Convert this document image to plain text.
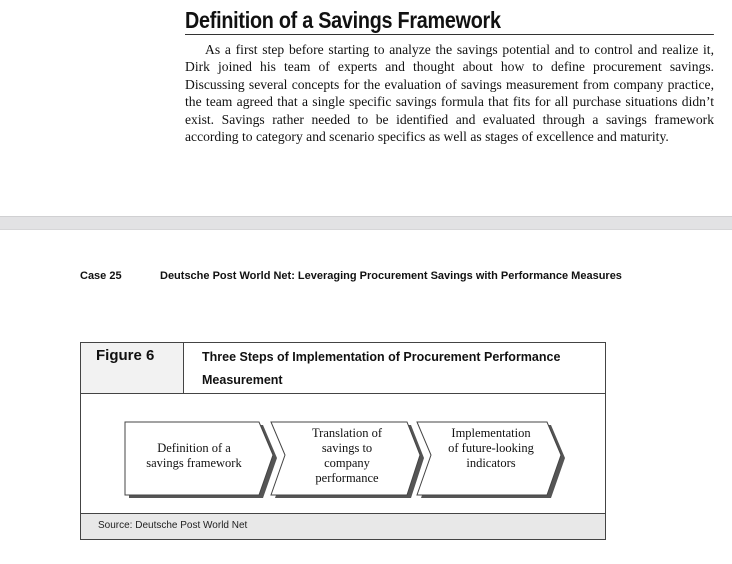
Definition of a Savings Framework

As a first step before starting to analyze the savings potential and to control and realize it, Dirk joined his team of experts and thought about how to define procurement savings. Discussing several concepts for the evaluation of savings measurement from company practice, the team agreed that a single specific savings formula that fits for all purchase situations didn’t exist. Savings rather needed to be identified and evaluated through a savings framework according to category and scenario specifics as well as stages of excellence and maturity.

Case 25	Deutsche Post World Net: Leveraging Procurement Savings with Performance Measures
Figure 6	Three Steps of Implementation of Procurement Performance Measurement
Definition of a savings framework
Translation of savings to company performance
Implementation of future-looking indicators
Source: Deutsche Post World Net
